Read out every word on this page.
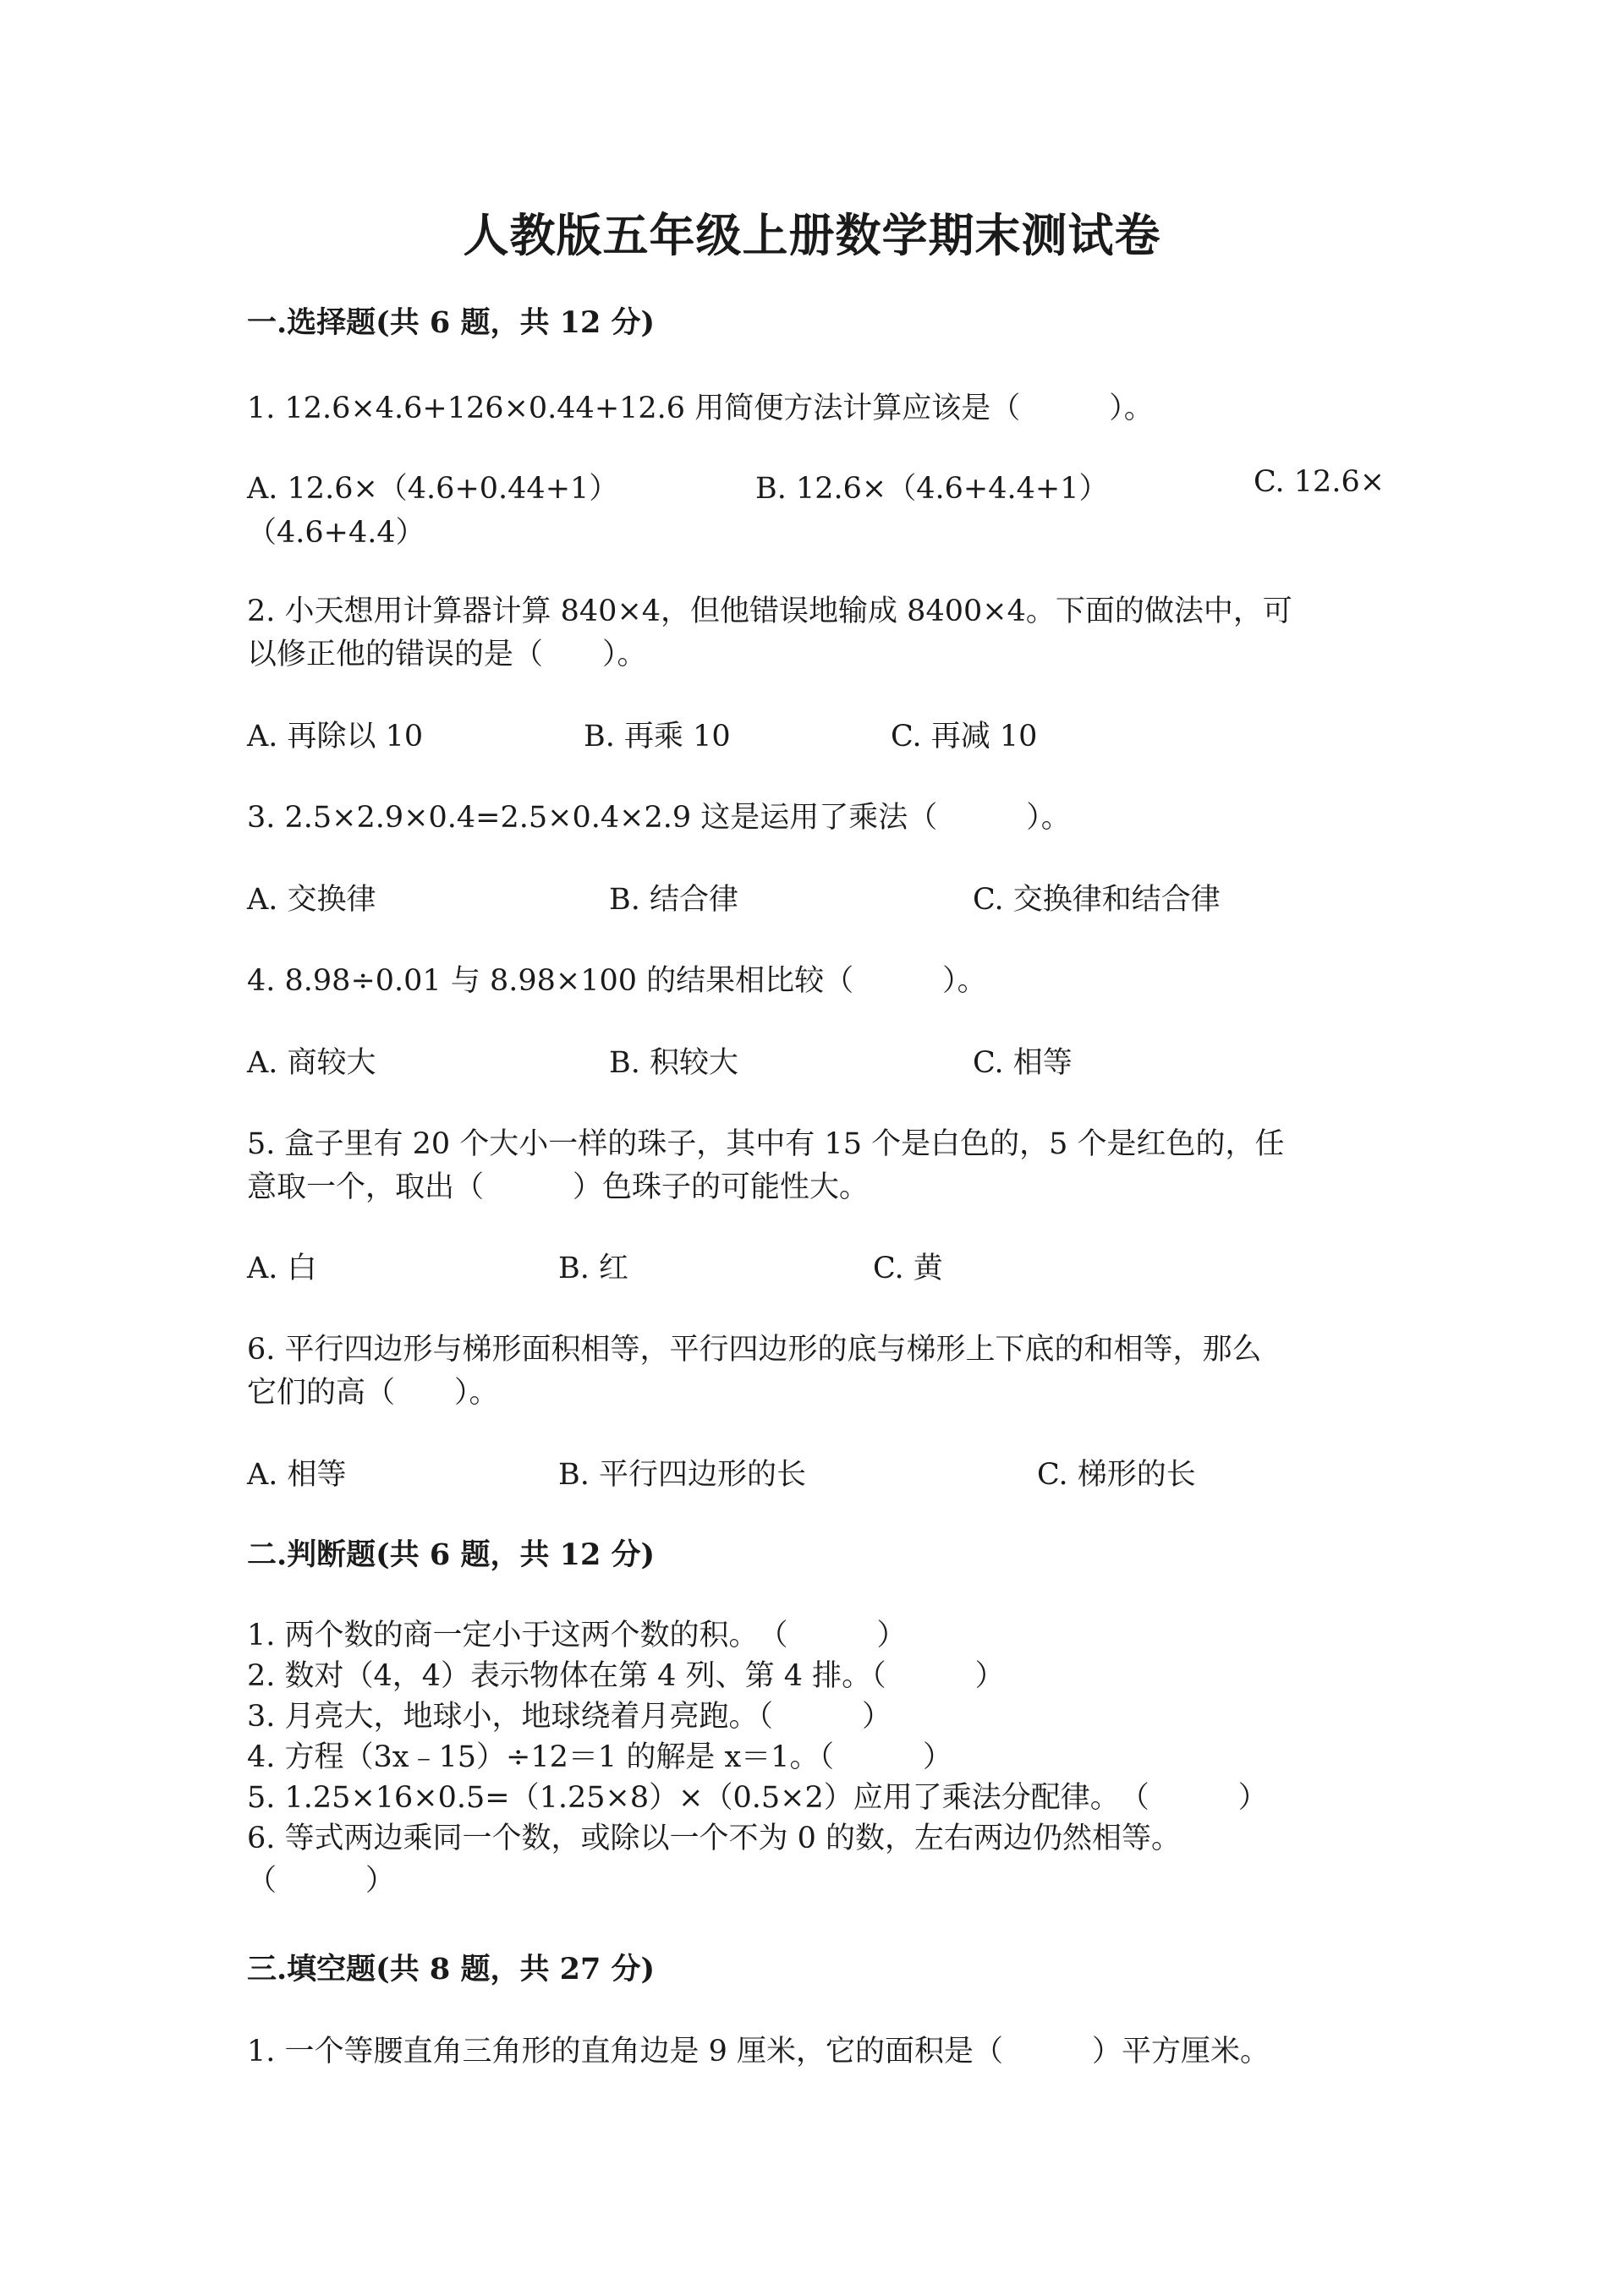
人教版五年级上册数学期末测试卷
一.选择题(共 6 题，共 12 分)
1. 12.6×4.6+126×0.44+12.6 用简便方法计算应该是（　　　）。
A. 12.6×（4.6+0.44+1）	B. 12.6×（4.6+4.4+1）	C. 12.6×
（4.6+4.4）
2. 小天想用计算器计算 840×4，但他错误地输成 8400×4。下面的做法中，可
以修正他的错误的是（　　）。
A. 再除以 10	B. 再乘 10	C. 再减 10
3. 2.5×2.9×0.4=2.5×0.4×2.9 这是运用了乘法（　　　）。
A. 交换律	B. 结合律	C. 交换律和结合律
4. 8.98÷0.01 与 8.98×100 的结果相比较（　　　）。
A. 商较大	B. 积较大	C. 相等
5. 盒子里有 20 个大小一样的珠子，其中有 15 个是白色的，5 个是红色的，任
意取一个，取出（　　　）色珠子的可能性大。
A. 白	B. 红	C. 黄
6. 平行四边形与梯形面积相等，平行四边形的底与梯形上下底的和相等，那么
它们的高（　　）。
A. 相等	B. 平行四边形的长	C. 梯形的长
二.判断题(共 6 题，共 12 分)
1. 两个数的商一定小于这两个数的积。　（　　　）
2. 数对（4，4）表示物体在第 4 列、第 4 排。（　　　）
3. 月亮大，地球小，地球绕着月亮跑。（　　　）
4. 方程（3x﹣15）÷12＝1 的解是 x＝1。（　　　）
5. 1.25×16×0.5=（1.25×8）×（0.5×2）应用了乘法分配律。　（　　　）
6. 等式两边乘同一个数，或除以一个不为 0 的数，左右两边仍然相等。
（　　　）
三.填空题(共 8 题，共 27 分)
1. 一个等腰直角三角形的直角边是 9 厘米，它的面积是（　　　）平方厘米。
